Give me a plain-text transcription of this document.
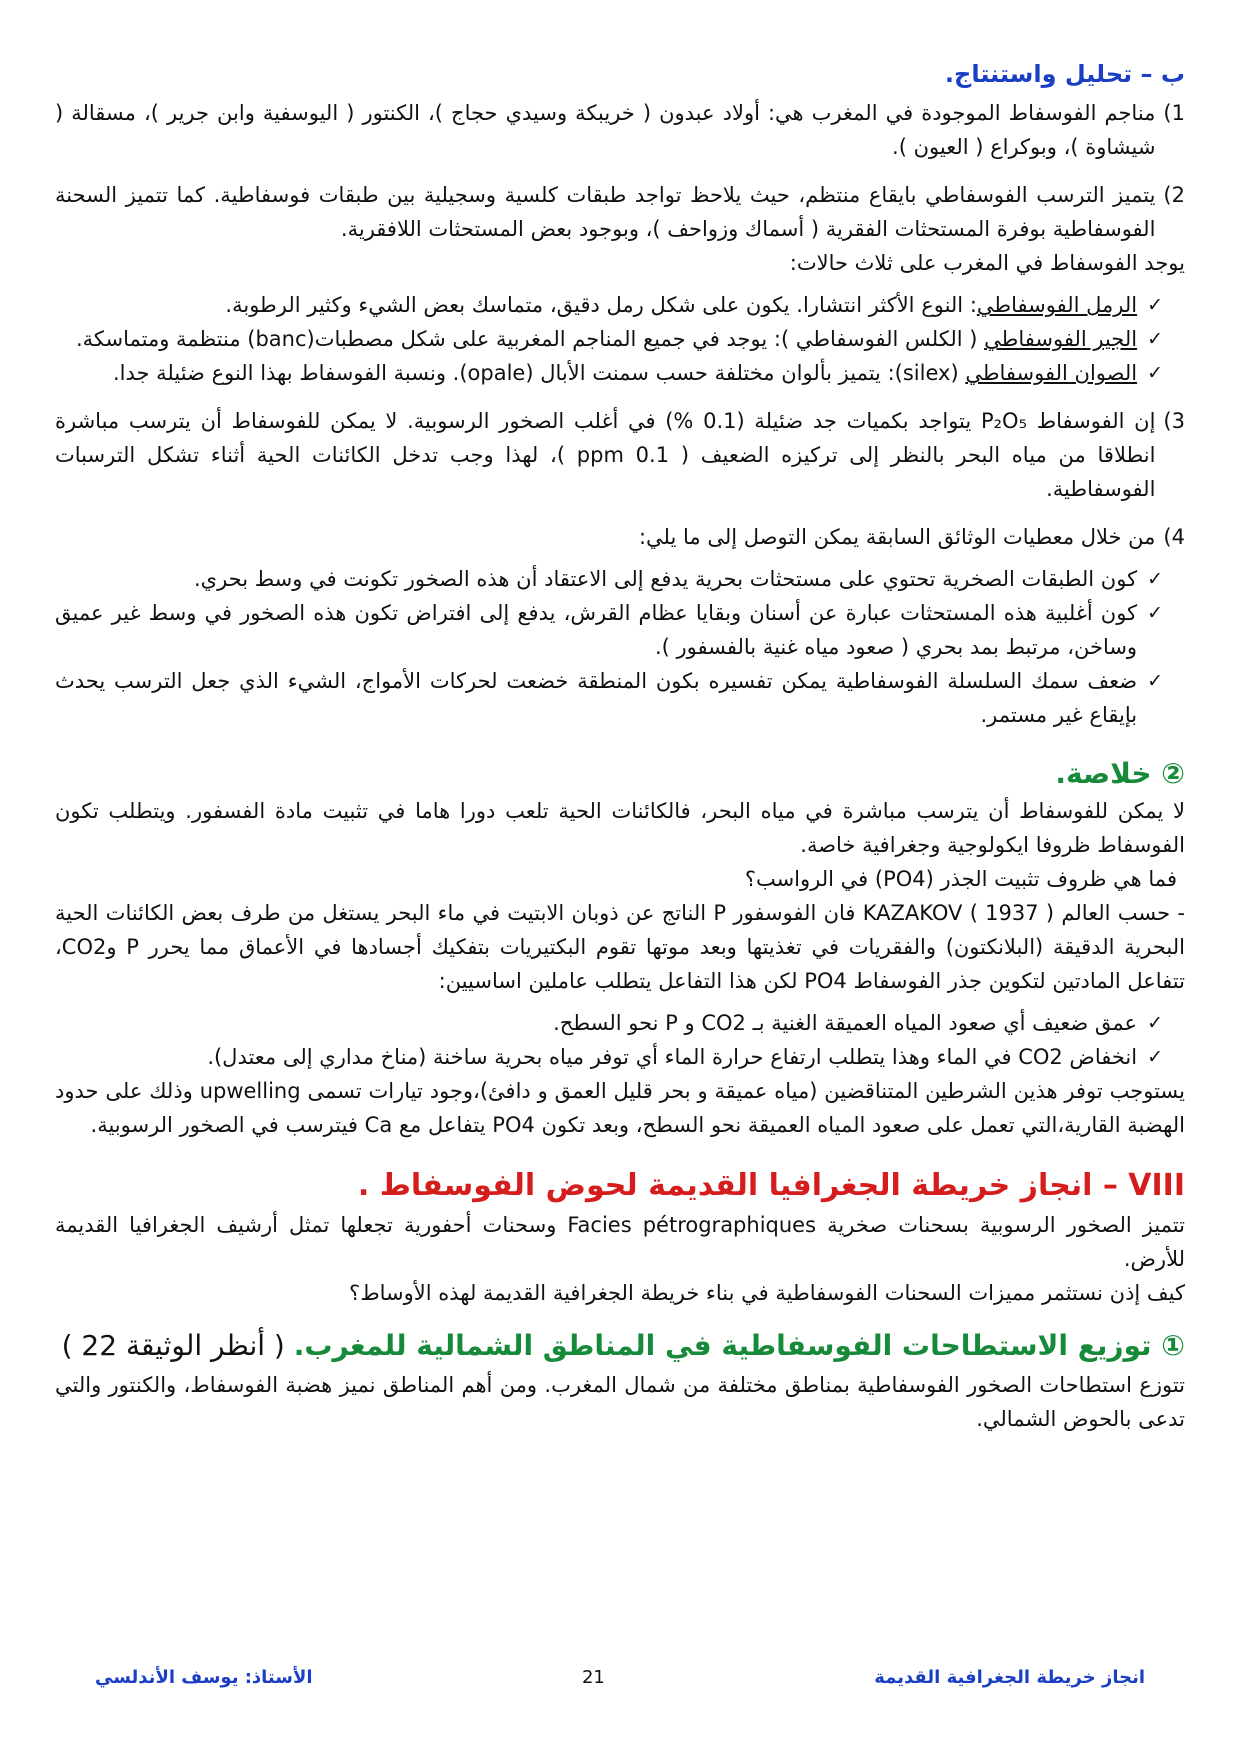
ب – تحليل واستنتاج.

1)

مناجم الفوسفاط الموجودة في المغرب هي: أولاد عبدون ( خريبكة وسيدي حجاج )، الكنتور ( اليوسفية وابن جرير )، مسقالة ( شيشاوة )، وبوكراع ( العيون ).

2)

يتميز الترسب الفوسفاطي بايقاع منتظم، حيث يلاحظ تواجد طبقات كلسية وسجيلية بين طبقات فوسفاطية. كما تتميز السحنة الفوسفاطية بوفرة المستحثات الفقرية ( أسماك وزواحف )، وبوجود بعض المستحثات اللافقرية.

يوجد الفوسفاط في المغرب على ثلاث حالات:

✓

الرمل الفوسفاطي: النوع الأكثر انتشارا. يكون على شكل رمل دقيق، متماسك بعض الشيء وكثير الرطوبة.

✓

الجير الفوسفاطي ( الكلس الفوسفاطي ): يوجد في جميع المناجم المغربية على شكل مصطبات(banc) منتظمة ومتماسكة.

✓

الصوان الفوسفاطي (silex): يتميز بألوان مختلفة حسب سمنت الأبال (opale). ونسبة الفوسفاط بهذا النوع ضئيلة جدا.

3)

إن الفوسفاط P₂O₅ يتواجد بكميات جد ضئيلة (0.1 %) في أغلب الصخور الرسوبية. لا يمكن للفوسفاط أن يترسب مباشرة انطلاقا من مياه البحر بالنظر إلى تركيزه الضعيف ( 0.1 ppm )، لهذا وجب تدخل الكائنات الحية أثناء تشكل الترسبات الفوسفاطية.

4)

من خلال معطيات الوثائق السابقة يمكن التوصل إلى ما يلي:

✓

كون الطبقات الصخرية تحتوي على مستحثات بحرية يدفع إلى الاعتقاد أن هذه الصخور تكونت في وسط بحري.

✓

كون أغلبية هذه المستحثات عبارة عن أسنان وبقايا عظام القرش، يدفع إلى افتراض تكون هذه الصخور في وسط غير عميق وساخن، مرتبط بمد بحري ( صعود مياه غنية بالفسفور ).

✓

ضعف سمك السلسلة الفوسفاطية يمكن تفسيره بكون المنطقة خضعت لحركات الأمواج، الشيء الذي جعل الترسب يحدث بإيقاع غير مستمر.

② خلاصة.

لا يمكن للفوسفاط أن يترسب مباشرة في مياه البحر، فالكائنات الحية تلعب دورا هاما في تثبيت مادة الفسفور. ويتطلب تكون الفوسفاط ظروفا ايكولوجية وجغرافية خاصة.

فما هي ظروف تثبيت الجذر (PO4) في الرواسب؟

- حسب العالم KAZAKOV ( 1937 ) فان الفوسفور P الناتج عن ذوبان الابتيت في ماء البحر يستغل من طرف بعض الكائنات الحية البحرية الدقيقة (البلانكتون) والفقريات في تغذيتها وبعد موتها تقوم البكتيريات بتفكيك أجسادها في الأعماق مما يحرر P وCO2، تتفاعل المادتين لتكوين جذر الفوسفاط PO4 لكن هذا التفاعل يتطلب عاملين اساسيين:

✓

عمق ضعيف أي صعود المياه العميقة الغنية بـ CO2 و P نحو السطح.

✓

انخفاض CO2 في الماء وهذا يتطلب ارتفاع حرارة الماء أي توفر مياه بحرية ساخنة (مناخ مداري إلى معتدل).

يستوجب توفر هذين الشرطين المتناقضين (مياه عميقة و بحر قليل العمق و دافئ)،وجود تيارات تسمى upwelling وذلك على حدود الهضبة القارية،التي تعمل على صعود المياه العميقة نحو السطح، وبعد تكون PO4 يتفاعل مع Ca فيترسب في الصخور الرسوبية.

VIII – انجاز خريطة الجغرافيا القديمة لحوض الفوسفاط .

تتميز الصخور الرسوبية بسحنات صخرية Facies pétrographiques وسحنات أحفورية تجعلها تمثل أرشيف الجغرافيا القديمة للأرض.

كيف إذن نستثمر مميزات السحنات الفوسفاطية في بناء خريطة الجغرافية القديمة لهذه الأوساط؟

① توزيع الاستطاحات الفوسفاطية في المناطق الشمالية للمغرب. ( أنظر الوثيقة 22 )

تتوزع استطاحات الصخور الفوسفاطية بمناطق مختلفة من شمال المغرب. ومن أهم المناطق نميز هضبة الفوسفاط، والكنتور والتي تدعى بالحوض الشمالي.

انجاز خريطة الجغرافية القديمة
21
الأستاذ: يوسف الأندلسي
